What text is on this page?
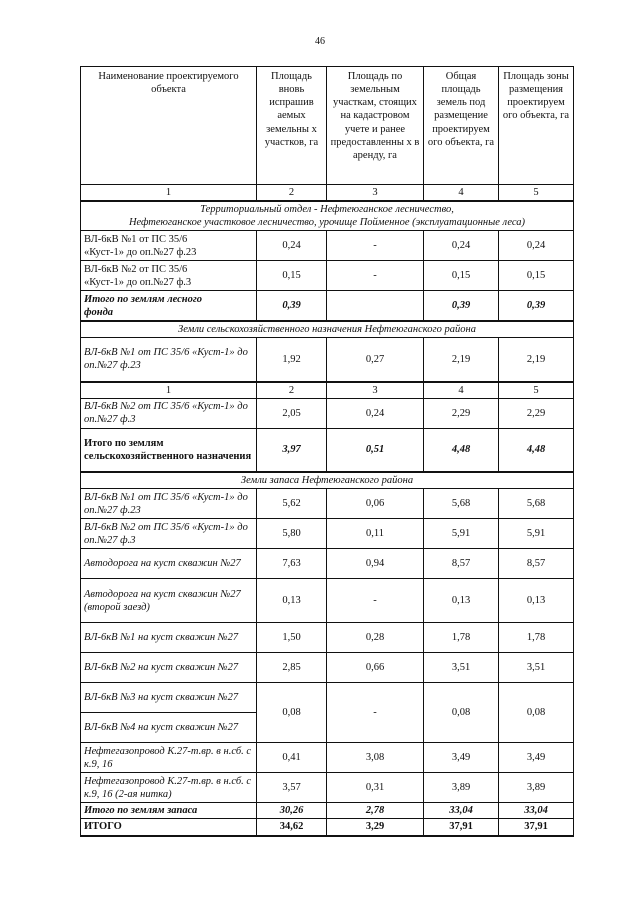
46
Наименование проектируемого объекта	Площадь вновь испрашив аемых земельны х участков, га	Площадь по земельным участкам, стоящих на кадастровом учете и ранее предоставленны х в аренду, га	Общая площадь земель под размещение проектируем ого объекта, га	Площадь зоны размещения проектируем ого объекта, га
1	2	3	4	5

Территориальный отдел - Нефтеюганское лесничество,
Нефтеюганское участковое лесничество, урочище Пойменное (эксплуатационные леса)				

ВЛ-6кВ №1 от ПС 35/6
«Куст-1» до оп.№27 ф.23	0,24	-	0,24	0,24

ВЛ-6кВ №2 от ПС 35/6
«Куст-1» до оп.№27 ф.3	0,15	-	0,15	0,15

Итого по землям лесного
фонда	0,39		0,39	0,39
Земли сельскохозяйственного назначения Нефтеюганского района				
ВЛ-6кВ №1 от ПС 35/6 «Куст-1» до оп.№27 ф.23	1,92	0,27	2,19	2,19
1	2	3	4	5
ВЛ-6кВ №2 от ПС 35/6 «Куст-1» до оп.№27 ф.3	2,05	0,24	2,29	2,29
Итого по землям сельскохозяйственного назначения	3,97	0,51	4,48	4,48
Земли запаса Нефтеюганского района				
ВЛ-6кВ №1 от ПС 35/6 «Куст-1» до оп.№27 ф.23	5,62	0,06	5,68	5,68
ВЛ-6кВ №2 от ПС 35/6 «Куст-1» до оп.№27 ф.3	5,80	0,11	5,91	5,91
Автодорога на куст скважин №27	7,63	0,94	8,57	8,57
Автодорога на куст скважин №27 (второй заезд)	0,13	-	0,13	0,13
ВЛ-6кВ №1 на куст скважин №27	1,50	0,28	1,78	1,78
ВЛ-6кВ №2 на куст скважин №27	2,85	0,66	3,51	3,51
ВЛ-6кВ №3 на куст скважин №27	0,08	-	0,08	0,08
ВЛ-6кВ №4 на куст скважин №27				
Нефтегазопровод К.27-т.вр. в н.сб. с к.9, 16	0,41	3,08	3,49	3,49
Нефтегазопровод К.27-т.вр. в н.сб. с к.9, 16 (2-ая нитка)	3,57	0,31	3,89	3,89
Итого по землям запаса	30,26	2,78	33,04	33,04
ИТОГО	34,62	3,29	37,91	37,91
